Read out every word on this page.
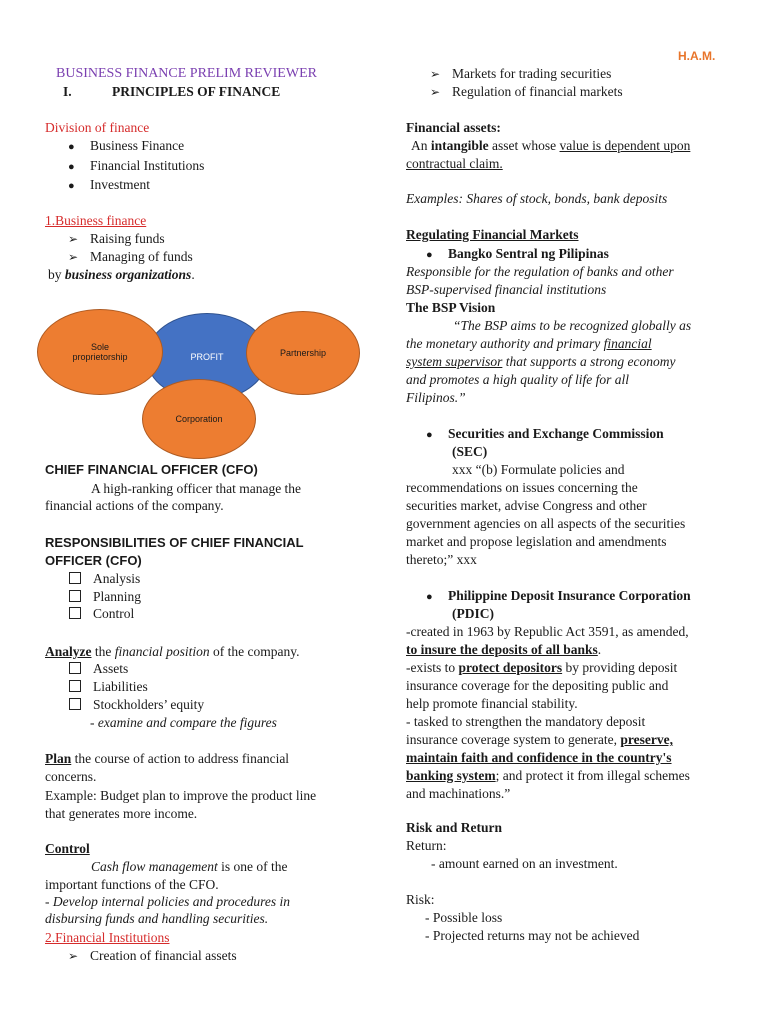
H.A.M.
BUSINESS FINANCE PRELIM REVIEWER
I.	PRINCIPLES OF FINANCE
Division of finance
● Business Finance
● Financial Institutions
● Investment
1.Business finance
➢ Raising funds
➢ Managing of funds
by business organizations.
PROFIT
Sole proprietorship	Partnership
Corporation
CHIEF FINANCIAL OFFICER (CFO)
A high-ranking officer that manage the
financial actions of the company.
RESPONSIBILITIES OF CHIEF FINANCIAL
OFFICER (CFO)
Analysis
Planning
Control
Analyze the financial position of the company.
Assets
Liabilities
Stockholders’ equity
- examine and compare the figures
Plan the course of action to address financial
concerns.
Example: Budget plan to improve the product line
that generates more income.
Control
Cash flow management is one of the
important functions of the CFO.
- Develop internal policies and procedures in
disbursing funds and handling securities.
2.Financial Institutions
➢ Creation of financial assets
➢ Markets for trading securities
➢ Regulation of financial markets
Financial assets:
An intangible asset whose value is dependent upon
contractual claim.
Examples: Shares of stock, bonds, bank deposits
Regulating Financial Markets
● Bangko Sentral ng Pilipinas
Responsible for the regulation of banks and other
BSP-supervised financial institutions
The BSP Vision
“The BSP aims to be recognized globally as
the monetary authority and primary financial
system supervisor that supports a strong economy
and promotes a high quality of life for all
Filipinos.”
● Securities and Exchange Commission
(SEC)
xxx “(b) Formulate policies and
recommendations on issues concerning the
securities market, advise Congress and other
government agencies on all aspects of the securities
market and propose legislation and amendments
thereto;” xxx
● Philippine Deposit Insurance Corporation
(PDIC)
-created in 1963 by Republic Act 3591, as amended,
to insure the deposits of all banks.
-exists to protect depositors by providing deposit
insurance coverage for the depositing public and
help promote financial stability.
- tasked to strengthen the mandatory deposit
insurance coverage system to generate, preserve,
maintain faith and confidence in the country's
banking system; and protect it from illegal schemes
and machinations.”
Risk and Return
Return:
- amount earned on an investment.
Risk:
- Possible loss
- Projected returns may not be achieved
